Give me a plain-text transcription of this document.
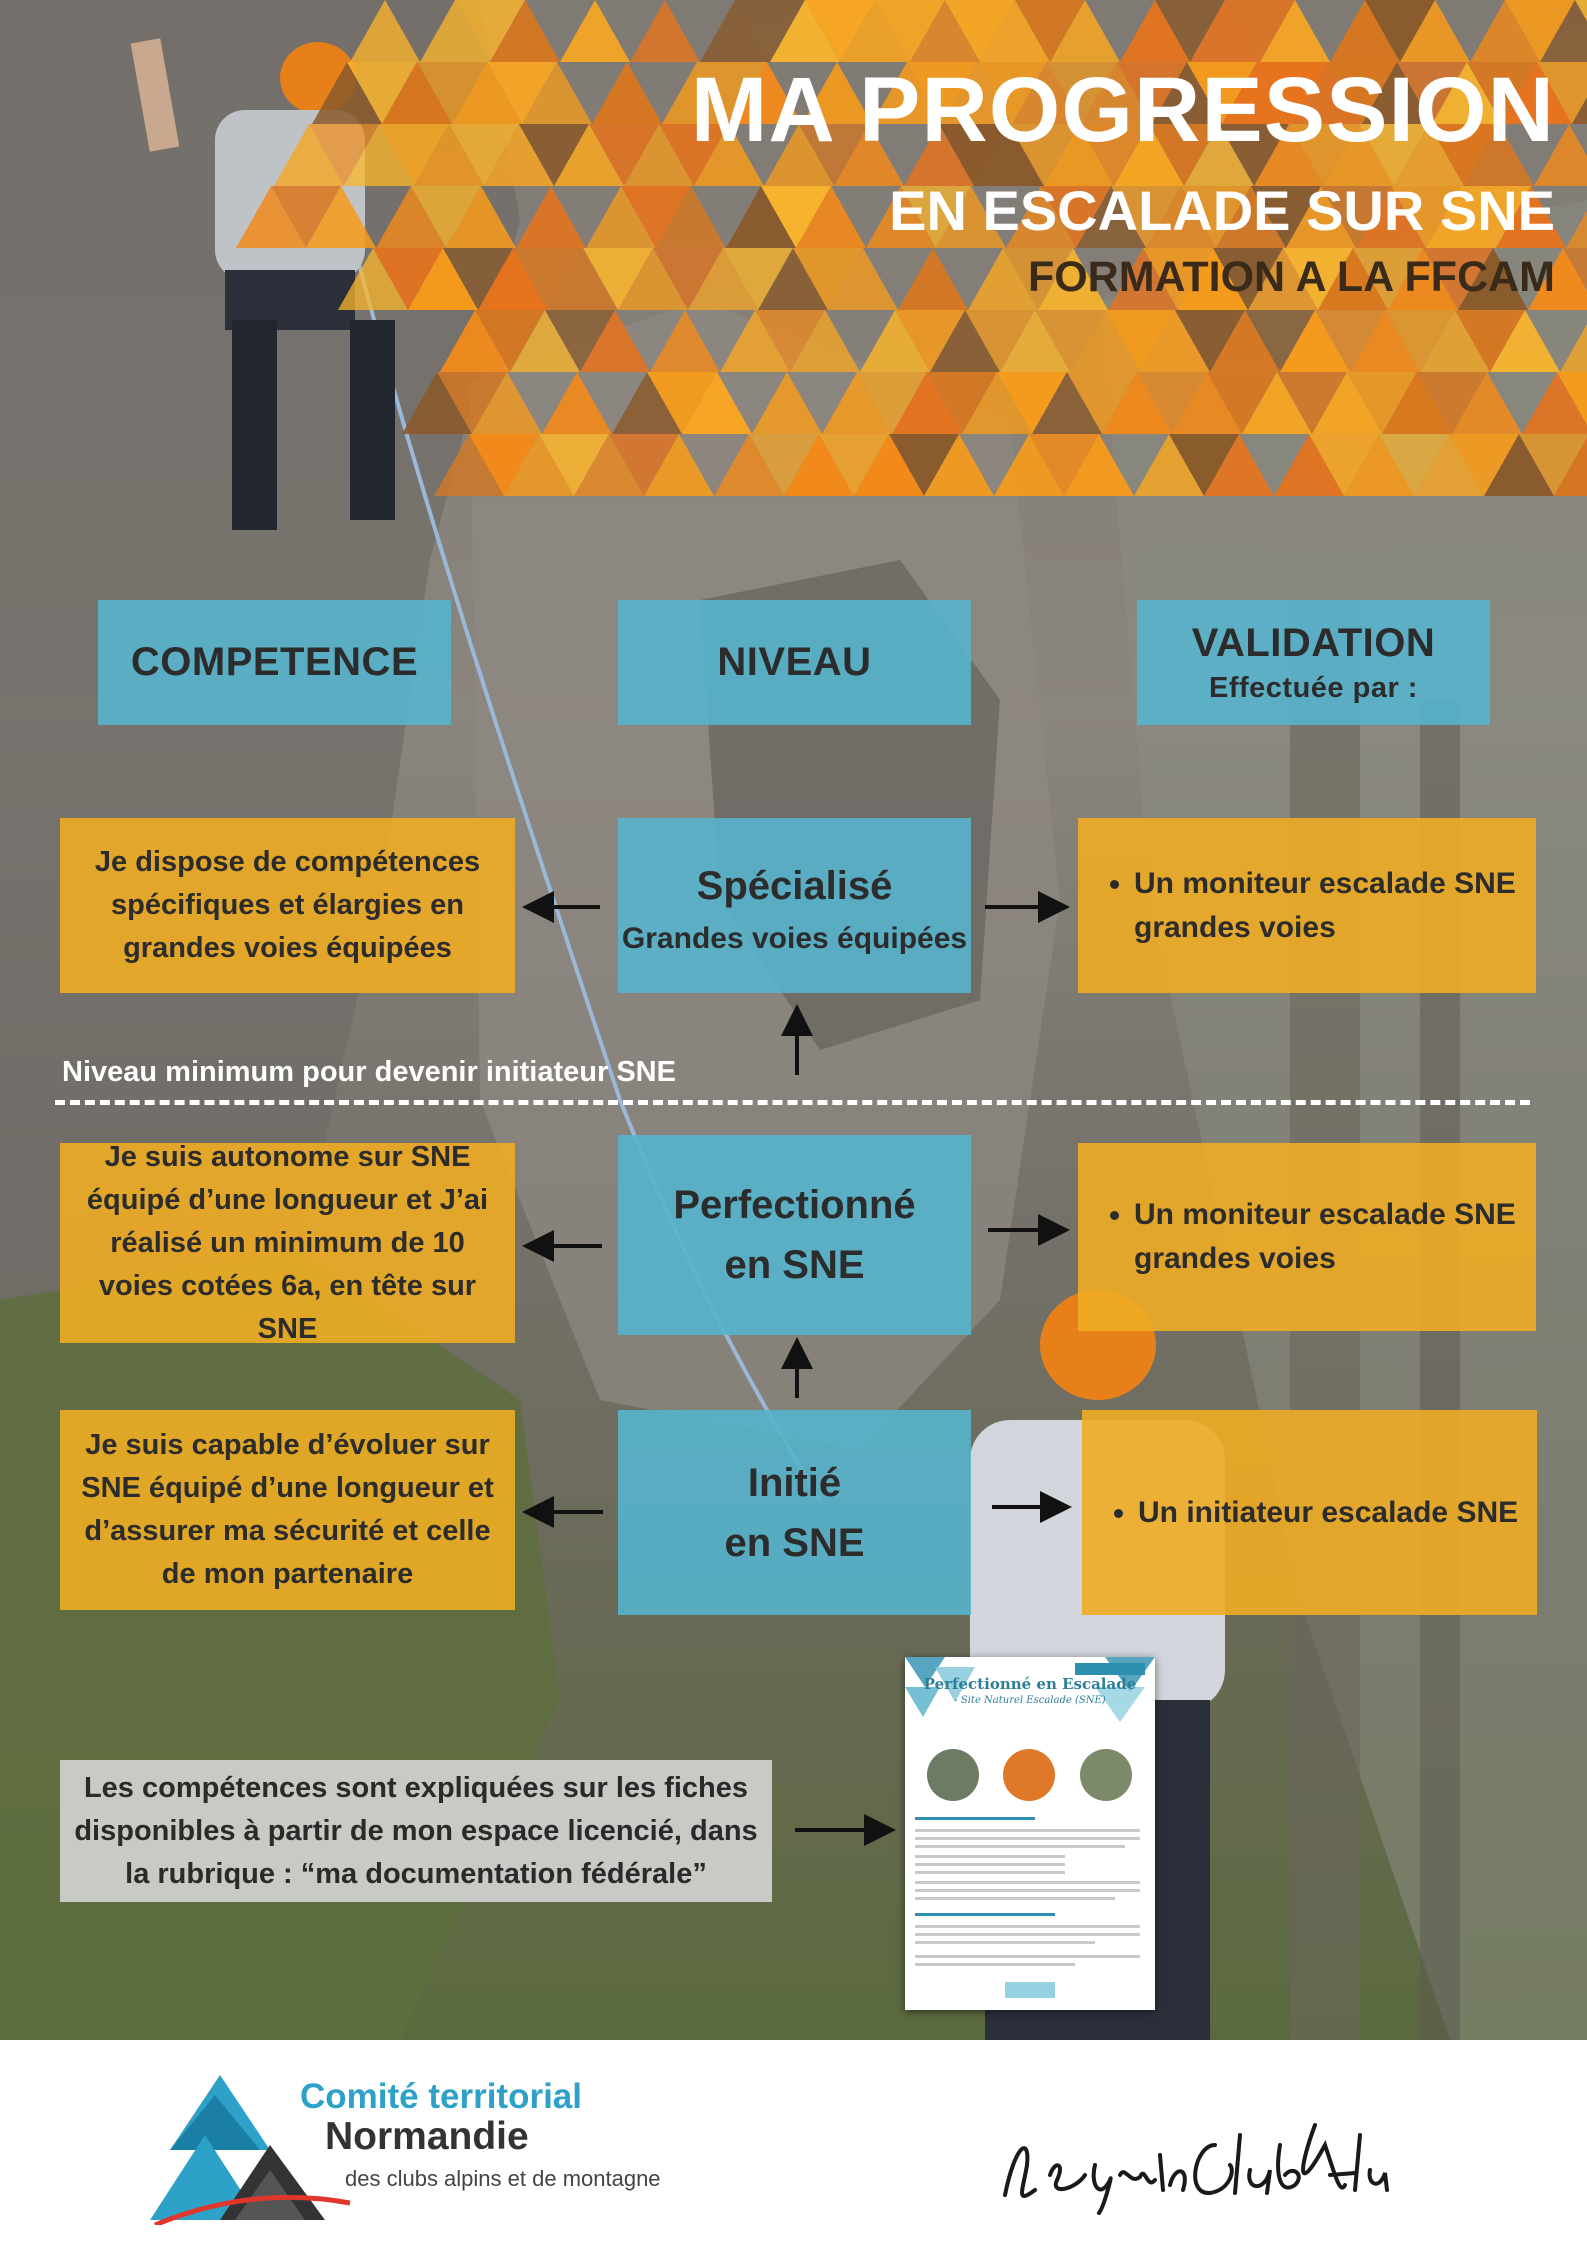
MA PROGRESSION
EN ESCALADE SUR SNE
FORMATION A LA FFCAM
COMPETENCE	NIVEAU	VALIDATION
Effectuée par :
Je dispose de compétences spécifiques et élargies en grandes voies équipées
Spécialisé
Grandes voies équipées
• Un moniteur escalade SNE grandes voies
Niveau minimum pour devenir initiateur SNE
Je suis autonome sur SNE équipé d’une longueur et J’ai réalisé un minimum de 10 voies cotées 6a, en tête sur SNE
Perfectionné
en SNE
• Un moniteur escalade SNE grandes voies
Je suis capable d’évoluer sur SNE équipé d’une longueur et d’assurer ma sécurité et celle de mon partenaire
Initié
en SNE
• Un initiateur escalade SNE
Les compétences sont expliquées sur les fiches disponibles à partir de mon espace licencié, dans la rubrique : “ma documentation fédérale”
Perfectionné en Escalade
- Site Naturel Escalade (SNE)
Comité territorial
Normandie
des clubs alpins et de montagne
